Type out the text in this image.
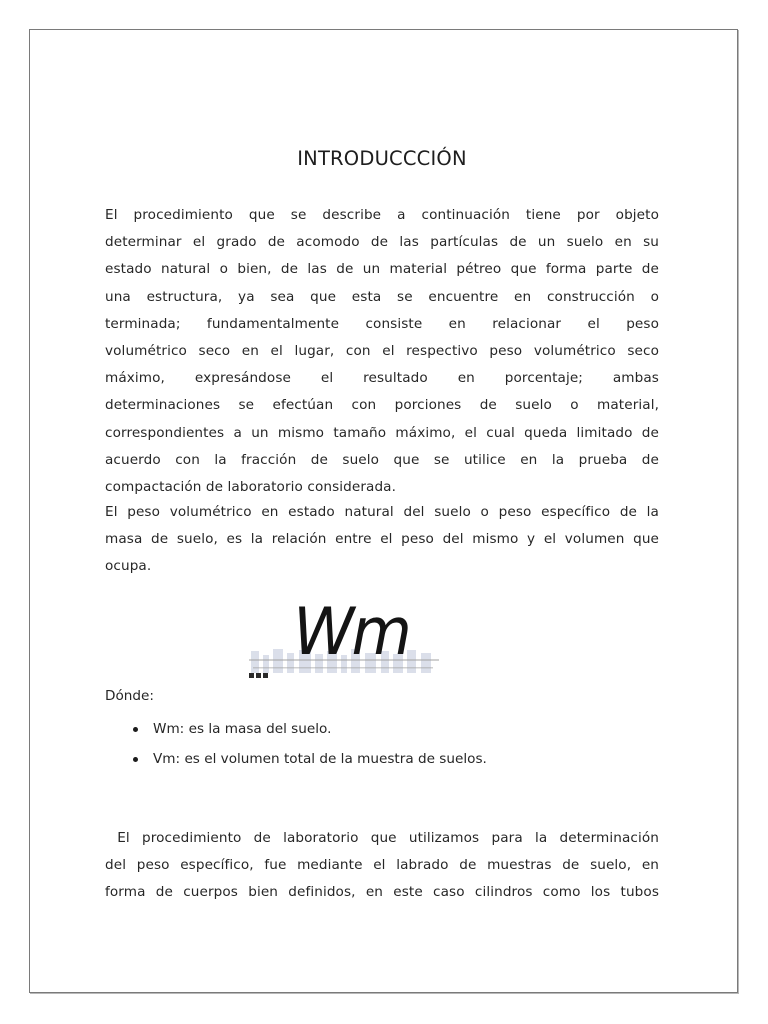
INTRODUCCCIÓN

El procedimiento que se describe a continuación tiene por objeto
determinar el grado de acomodo de las partículas de un suelo en su
estado natural o bien, de las de un material pétreo que forma parte de
una estructura, ya sea que esta se encuentre en construcción o
terminada; fundamentalmente consiste en relacionar el peso
volumétrico seco en el lugar, con el respectivo peso volumétrico seco
máximo, expresándose el resultado en porcentaje; ambas
determinaciones se efectúan con porciones de suelo o material,
correspondientes a un mismo tamaño máximo, el cual queda limitado de
acuerdo con la fracción de suelo que se utilice en la prueba de
compactación de laboratorio considerada.

El peso volumétrico en estado natural del suelo o peso específico de la
masa de suelo, es la relación entre el peso del mismo y el volumen que
ocupa.

Wm

Dónde:

Wm: es la masa del suelo.
Vm: es el volumen total de la muestra de suelos.

El procedimiento de laboratorio que utilizamos para la determinación
del peso específico, fue mediante el labrado de muestras de suelo, en
forma de cuerpos bien definidos, en este caso cilindros como los tubos
